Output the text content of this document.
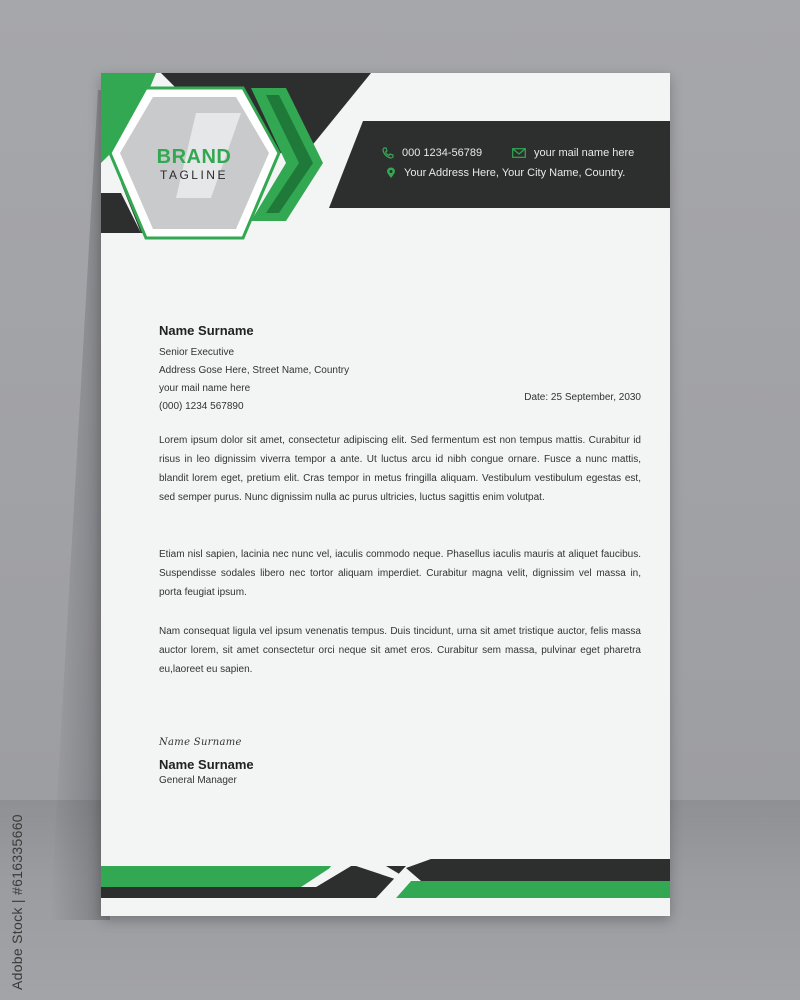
BRAND
TAGLINE
000 1234-56789	your mail name here
Your Address Here, Your City Name, Country.
Name Surname
Senior Executive
Address Gose Here, Street Name, Country
your mail name here
(000) 1234 567890
Date: 25 September, 2030

Lorem ipsum dolor sit amet, consectetur adipiscing elit. Sed fermentum est non tempus mattis. Curabitur id risus in leo dignissim viverra tempor a ante. Ut luctus arcu id nibh congue ornare. Fusce a nunc mattis, blandit lorem eget, pretium elit. Cras tempor in metus fringilla aliquam. Vestibulum vestibulum egestas est, sed semper purus. Nunc dignissim nulla ac purus ultricies, luctus sagittis enim volutpat.

Etiam nisl sapien, lacinia nec nunc vel, iaculis commodo neque. Phasellus iaculis mauris at aliquet faucibus. Suspendisse sodales libero nec tortor aliquam imperdiet. Curabitur magna velit, dignissim vel massa in, porta feugiat ipsum.

Nam consequat ligula vel ipsum venenatis tempus. Duis tincidunt, urna sit amet tristique auctor, felis massa auctor lorem, sit amet consectetur orci neque sit amet eros. Curabitur sem massa, pulvinar eget pharetra eu,laoreet eu sapien.

Name Surname
Name Surname
General Manager
Adobe Stock | #616335660
